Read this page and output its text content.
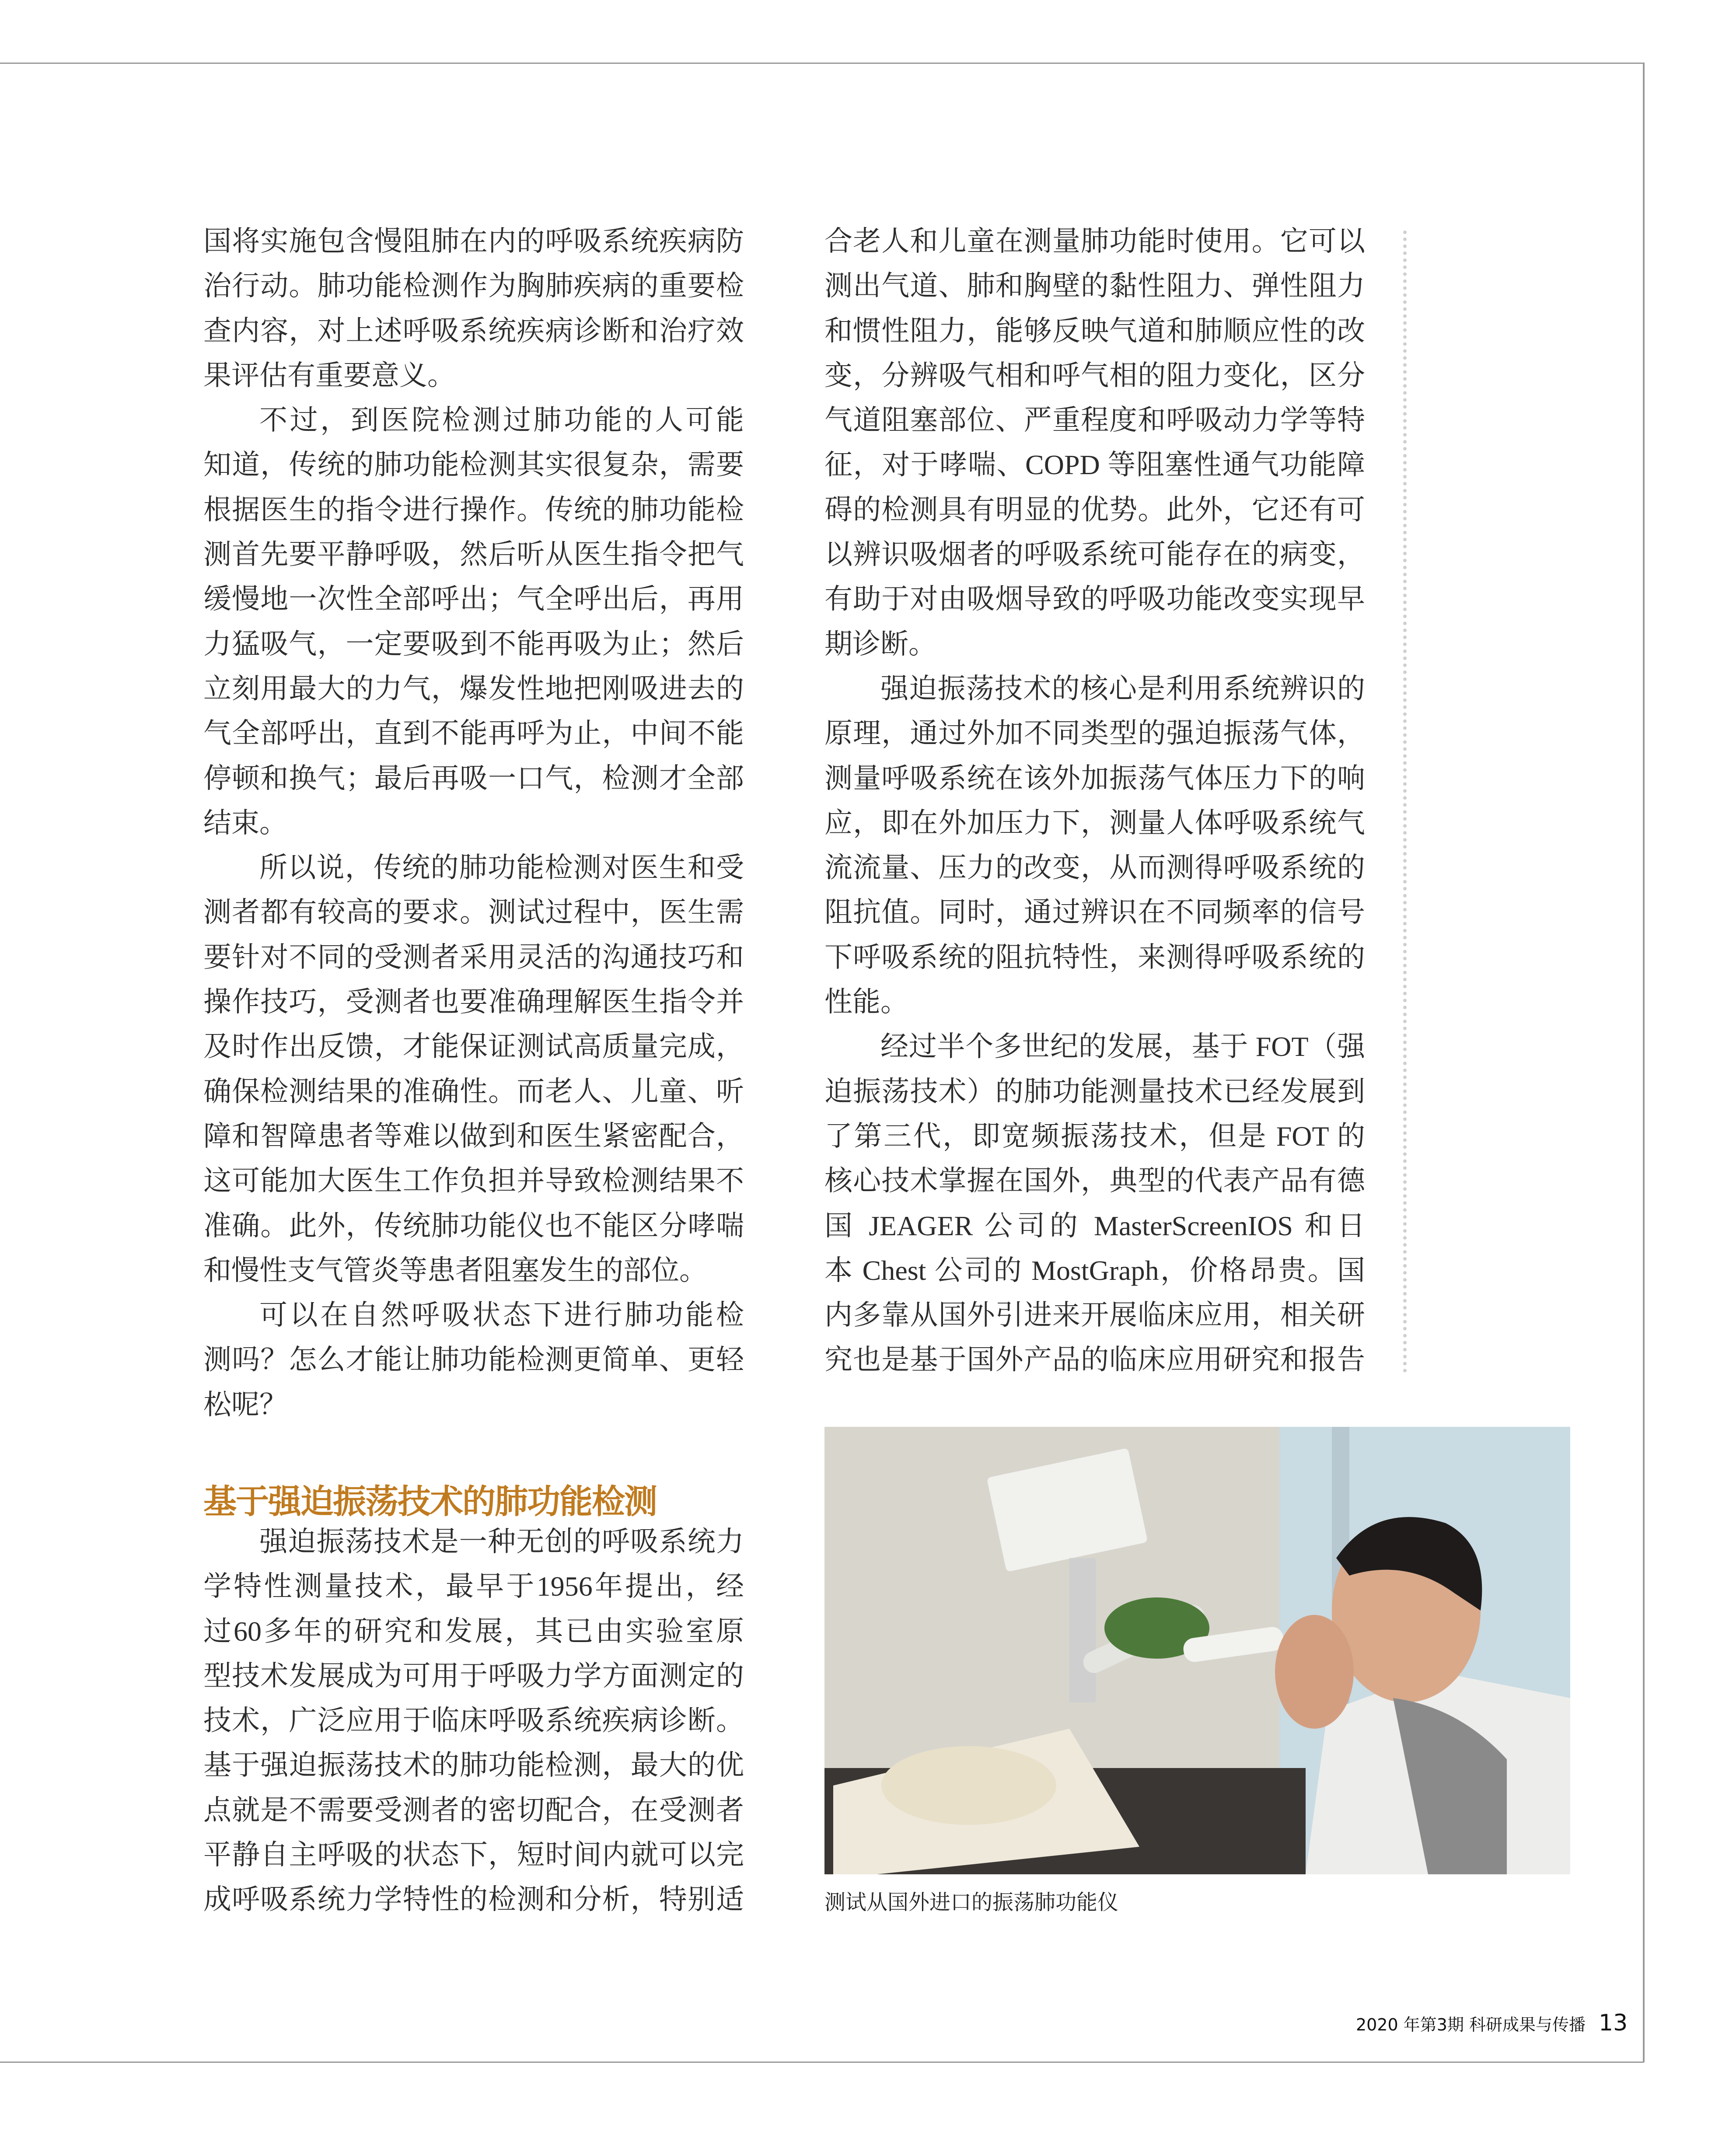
国将实施包含慢阻肺在内的呼吸系统疾病防
治行动。肺功能检测作为胸肺疾病的重要检
查内容，对上述呼吸系统疾病诊断和治疗效
果评估有重要意义。
不过，到医院检测过肺功能的人可能
知道，传统的肺功能检测其实很复杂，需要
根据医生的指令进行操作。传统的肺功能检
测首先要平静呼吸，然后听从医生指令把气
缓慢地一次性全部呼出；气全呼出后，再用
力猛吸气，一定要吸到不能再吸为止；然后
立刻用最大的力气，爆发性地把刚吸进去的
气全部呼出，直到不能再呼为止，中间不能
停顿和换气；最后再吸一口气，检测才全部
结束。
所以说，传统的肺功能检测对医生和受
测者都有较高的要求。测试过程中，医生需
要针对不同的受测者采用灵活的沟通技巧和
操作技巧，受测者也要准确理解医生指令并
及时作出反馈，才能保证测试高质量完成，
确保检测结果的准确性。而老人、儿童、听
障和智障患者等难以做到和医生紧密配合，
这可能加大医生工作负担并导致检测结果不
准确。此外，传统肺功能仪也不能区分哮喘
和慢性支气管炎等患者阻塞发生的部位。
可以在自然呼吸状态下进行肺功能检
测吗？怎么才能让肺功能检测更简单、更轻
松呢？
基于强迫振荡技术的肺功能检测
强迫振荡技术是一种无创的呼吸系统力
学特性测量技术，最早于1956年提出，经
过60多年的研究和发展，其已由实验室原
型技术发展成为可用于呼吸力学方面测定的
技术，广泛应用于临床呼吸系统疾病诊断。
基于强迫振荡技术的肺功能检测，最大的优
点就是不需要受测者的密切配合，在受测者
平静自主呼吸的状态下，短时间内就可以完
成呼吸系统力学特性的检测和分析，特别适
合老人和儿童在测量肺功能时使用。它可以
测出气道、肺和胸壁的黏性阻力、弹性阻力
和惯性阻力，能够反映气道和肺顺应性的改
变，分辨吸气相和呼气相的阻力变化，区分
气道阻塞部位、严重程度和呼吸动力学等特
征，对于哮喘、COPD 等阻塞性通气功能障
碍的检测具有明显的优势。此外，它还有可
以辨识吸烟者的呼吸系统可能存在的病变，
有助于对由吸烟导致的呼吸功能改变实现早
期诊断。
强迫振荡技术的核心是利用系统辨识的
原理，通过外加不同类型的强迫振荡气体，
测量呼吸系统在该外加振荡气体压力下的响
应，即在外加压力下，测量人体呼吸系统气
流流量、压力的改变，从而测得呼吸系统的
阻抗值。同时，通过辨识在不同频率的信号
下呼吸系统的阻抗特性，来测得呼吸系统的
性能。
经过半个多世纪的发展，基于 FOT（强
迫振荡技术）的肺功能测量技术已经发展到
了第三代，即宽频振荡技术，但是 FOT 的
核心技术掌握在国外，典型的代表产品有德
国 JEAGER 公司的 MasterScreenIOS 和日
本 Chest 公司的 MostGraph，价格昂贵。国
内多靠从国外引进来开展临床应用，相关研
究也是基于国外产品的临床应用研究和报告
测试从国外进口的振荡肺功能仪
2020 年第3期 科研成果与传播 13
